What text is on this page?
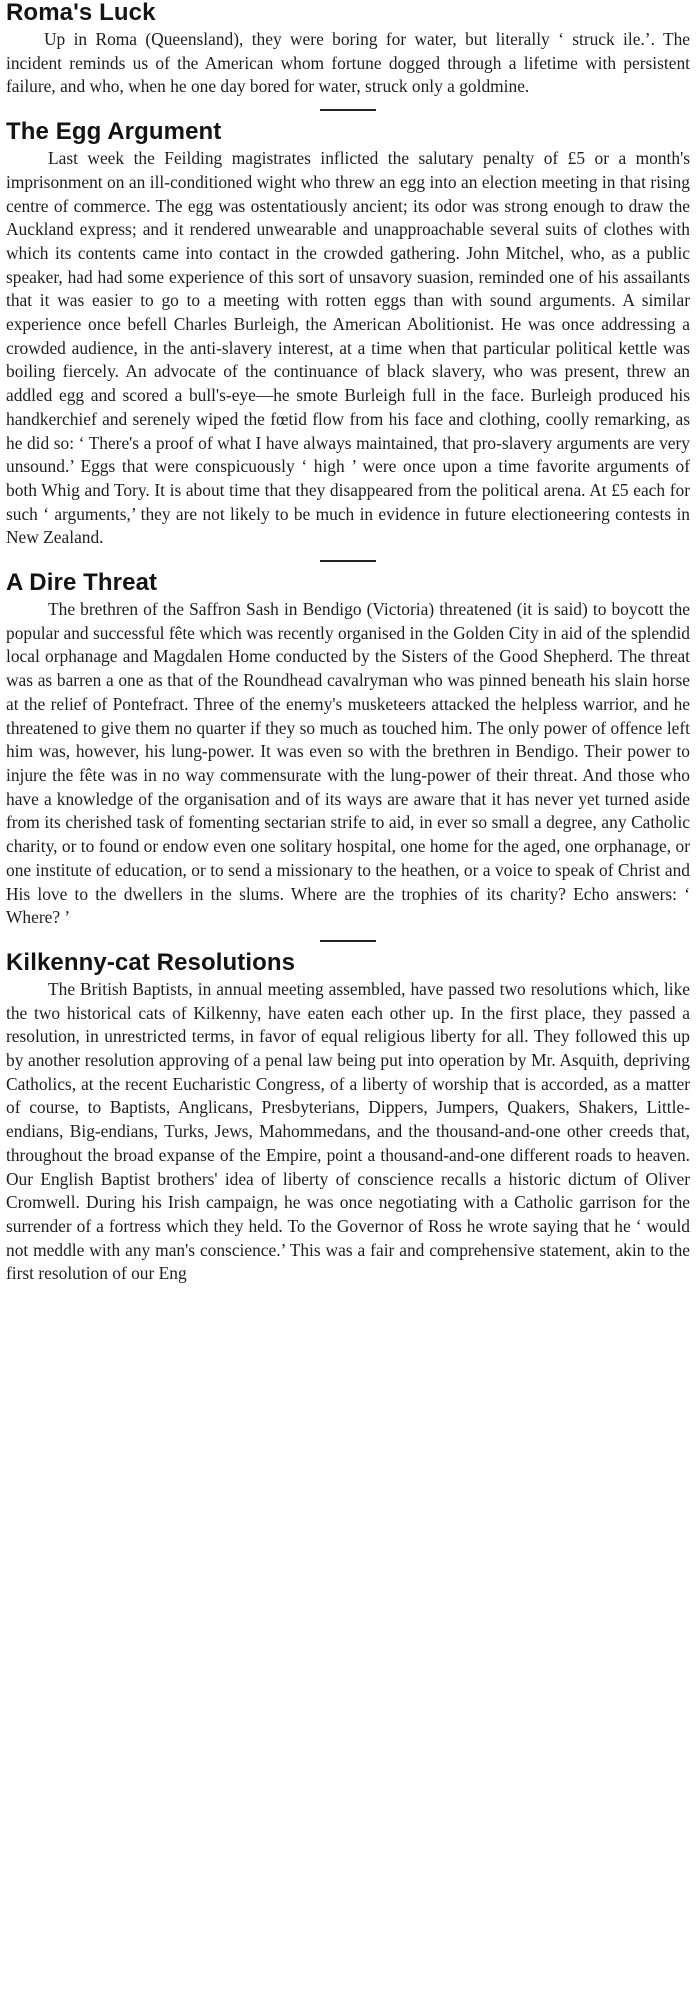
Roma's Luck

Up in Roma (Queensland), they were boring for water, but literally ‘ struck ile.’. The incident reminds us of the American whom fortune dogged through a lifetime with persistent failure, and who, when he one day bored for water, struck only a goldmine.

The Egg Argument

Last week the Feilding magistrates inflicted the salutary penalty of £5 or a month's imprisonment on an ill-conditioned wight who threw an egg into an election meeting in that rising centre of commerce. The egg was ostentatiously ancient; its odor was strong enough to draw the Auckland express; and it rendered unwearable and unapproachable several suits of clothes with which its contents came into contact in the crowded gathering. John Mitchel, who, as a public speaker, had had some experience of this sort of unsavory suasion, reminded one of his assailants that it was easier to go to a meeting with rotten eggs than with sound arguments. A similar experience once befell Charles Burleigh, the American Abolitionist. He was once addressing a crowded audience, in the anti-slavery interest, at a time when that particular political kettle was boiling fiercely. An advocate of the continuance of black slavery, who was present, threw an addled egg and scored a bull's-eye—he smote Burleigh full in the face. Burleigh produced his handkerchief and serenely wiped the fœtid flow from his face and clothing, coolly remarking, as he did so: ‘ There's a proof of what I have always maintained, that pro-slavery arguments are very unsound.’ Eggs that were conspicuously ‘ high ’ were once upon a time favorite arguments of both Whig and Tory. It is about time that they disappeared from the political arena. At £5 each for such ‘ arguments,’ they are not likely to be much in evidence in future electioneering contests in New Zealand.

A Dire Threat

The brethren of the Saffron Sash in Bendigo (Victoria) threatened (it is said) to boycott the popular and successful fête which was recently organised in the Golden City in aid of the splendid local orphanage and Magdalen Home conducted by the Sisters of the Good Shepherd. The threat was as barren a one as that of the Roundhead cavalryman who was pinned beneath his slain horse at the relief of Pontefract. Three of the enemy's musketeers attacked the helpless warrior, and he threatened to give them no quarter if they so much as touched him. The only power of offence left him was, however, his lung-power. It was even so with the brethren in Bendigo. Their power to injure the fête was in no way commensurate with the lung-power of their threat. And those who have a knowledge of the organisation and of its ways are aware that it has never yet turned aside from its cherished task of fomenting sectarian strife to aid, in ever so small a degree, any Catholic charity, or to found or endow even one solitary hospital, one home for the aged, one orphanage, or one institute of education, or to send a missionary to the heathen, or a voice to speak of Christ and His love to the dwellers in the slums. Where are the trophies of its charity? Echo answers: ‘ Where? ’

Kilkenny-cat Resolutions

The British Baptists, in annual meeting assembled, have passed two resolutions which, like the two historical cats of Kilkenny, have eaten each other up. In the first place, they passed a resolution, in unrestricted terms, in favor of equal religious liberty for all. They followed this up by another resolution approving of a penal law being put into operation by Mr. Asquith, depriving Catholics, at the recent Eucharistic Congress, of a liberty of worship that is accorded, as a matter of course, to Baptists, Anglicans, Presbyterians, Dippers, Jumpers, Quakers, Shakers, Little-endians, Big-endians, Turks, Jews, Mahommedans, and the thousand-and-one other creeds that, throughout the broad expanse of the Empire, point a thousand-and-one different roads to heaven. Our English Baptist brothers' idea of liberty of conscience recalls a historic dictum of Oliver Cromwell. During his Irish campaign, he was once negotiating with a Catholic garrison for the surrender of a fortress which they held. To the Governor of Ross he wrote saying that he ‘ would not meddle with any man's conscience.’ This was a fair and comprehensive statement, akin to the first resolution of our Eng
